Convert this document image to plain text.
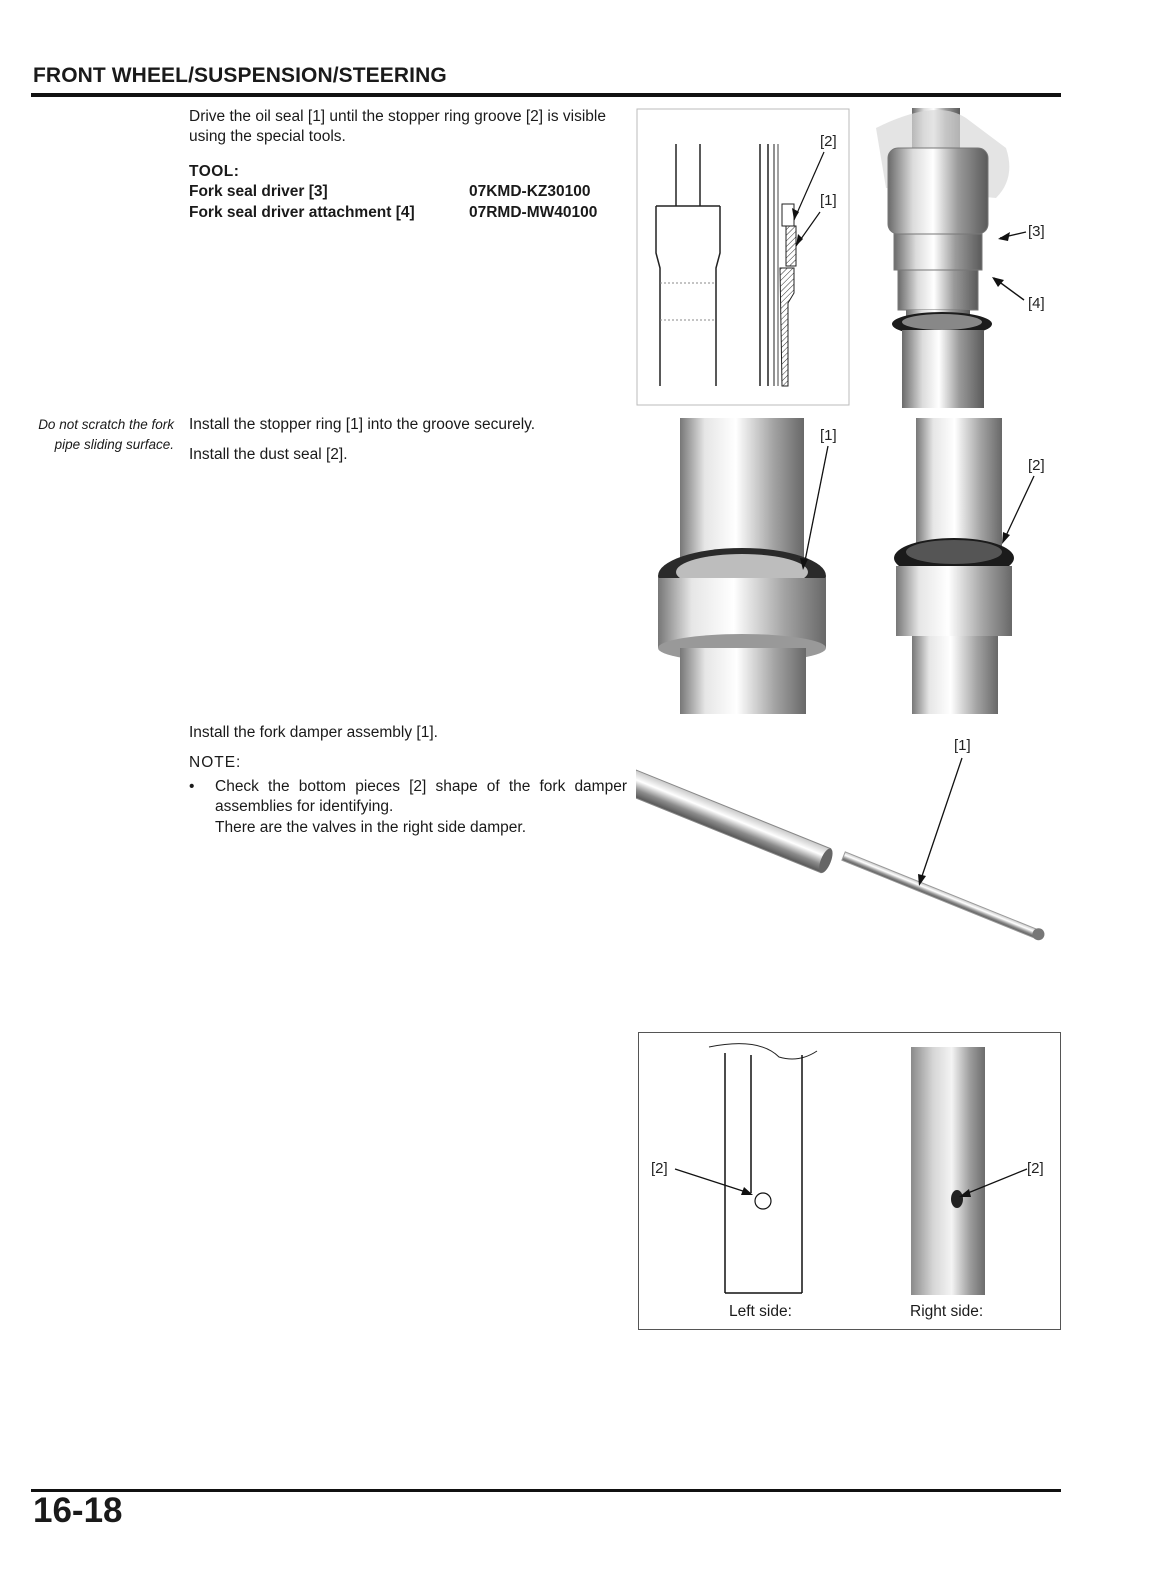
FRONT WHEEL/SUSPENSION/STEERING
Drive the oil seal [1] until the stopper ring groove [2] is visible using the special tools.
TOOL:
Fork seal driver [3]	07KMD-KZ30100
Fork seal driver attachment [4]	07RMD-MW40100
[2]
[1]
[3]
[4]
Do not scratch the fork pipe sliding surface.
Install the stopper ring [1] into the groove securely.
Install the dust seal [2].
[1]
[2]
Install the fork damper assembly [1].
NOTE:
• Check the bottom pieces [2] shape of the fork damper assemblies for identifying.
There are the valves in the right side damper.
[1]
[2]	[2]
Left side:	Right side:
16-18
